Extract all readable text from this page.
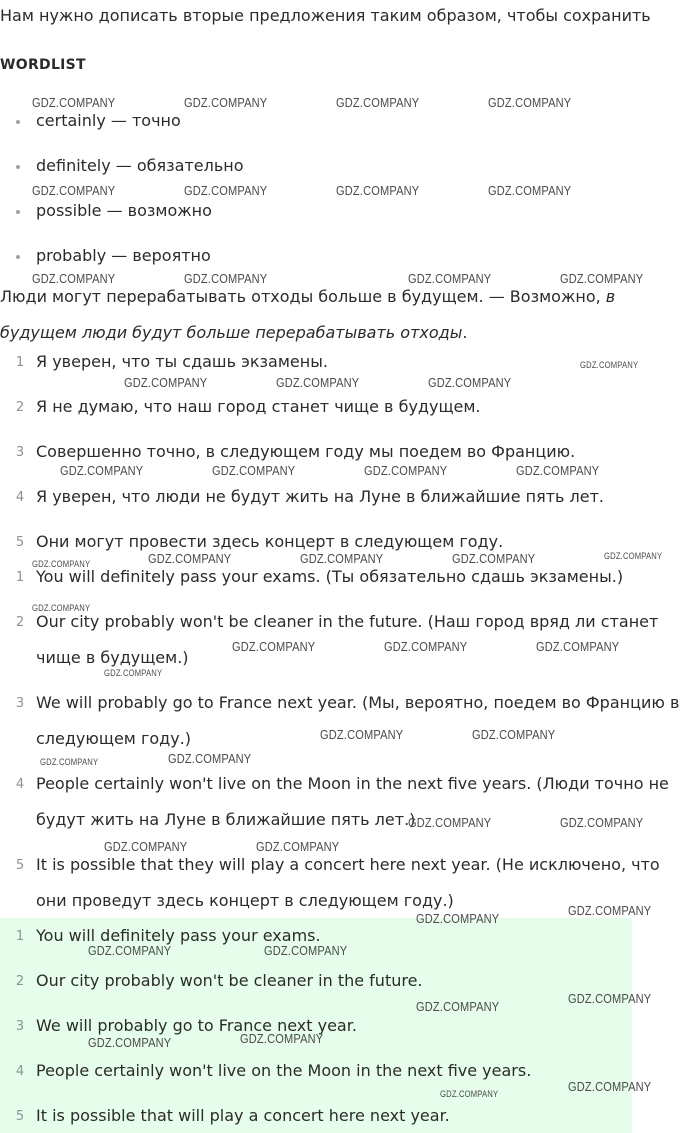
Нам нужно дописать вторые предложения таким образом, чтобы сохранить
WORDLIST
certainly — точно
definitely — обязательно
possible — возможно
probably — вероятно
Люди могут перерабатывать отходы больше в будущем. — Возможно, в будущем люди будут больше перерабатывать отходы.
1 Я уверен, что ты сдашь экзамены.
2 Я не думаю, что наш город станет чище в будущем.
3 Совершенно точно, в следующем году мы поедем во Францию.
4 Я уверен, что люди не будут жить на Луне в ближайшие пять лет.
5 Они могут провести здесь концерт в следующем году.
1 You will definitely pass your exams. (Ты обязательно сдашь экзамены.)
2 Our city probably won't be cleaner in the future. (Наш город вряд ли станет
чище в будущем.)
3 We will probably go to France next year. (Мы, вероятно, поедем во Францию в
следующем году.)
4 People certainly won't live on the Moon in the next five years. (Люди точно не
будут жить на Луне в ближайшие пять лет.)
5 It is possible that they will play a concert here next year. (Не исключено, что
они проведут здесь концерт в следующем году.)
1 You will definitely pass your exams.
2 Our city probably won't be cleaner in the future.
3 We will probably go to France next year.
4 People certainly won't live on the Moon in the next five years.
5 It is possible that will play a concert here next year.
GDZ.COMPANY	GDZ.COMPANY	GDZ.COMPANY	GDZ.COMPANY
GDZ.COMPANY	GDZ.COMPANY	GDZ.COMPANY	GDZ.COMPANY
GDZ.COMPANY	GDZ.COMPANY	GDZ.COMPANY	GDZ.COMPANY
GDZ.COMPANY
GDZ.COMPANY	GDZ.COMPANY	GDZ.COMPANY
GDZ.COMPANY	GDZ.COMPANY	GDZ.COMPANY	GDZ.COMPANY
GDZ.COMPANY	GDZ.COMPANY	GDZ.COMPANY	GDZ.COMPANY	GDZ.COMPANY
GDZ.COMPANY
GDZ.COMPANY	GDZ.COMPANY	GDZ.COMPANY
GDZ.COMPANY
GDZ.COMPANY	GDZ.COMPANY
GDZ.COMPANY	GDZ.COMPANY
GDZ.COMPANY	GDZ.COMPANY
GDZ.COMPANY	GDZ.COMPANY
GDZ.COMPANY
GDZ.COMPANY
GDZ.COMPANY	GDZ.COMPANY
GDZ.COMPANY
GDZ.COMPANY
GDZ.COMPANY
GDZ.COMPANY
GDZ.COMPANY
GDZ.COMPANY
